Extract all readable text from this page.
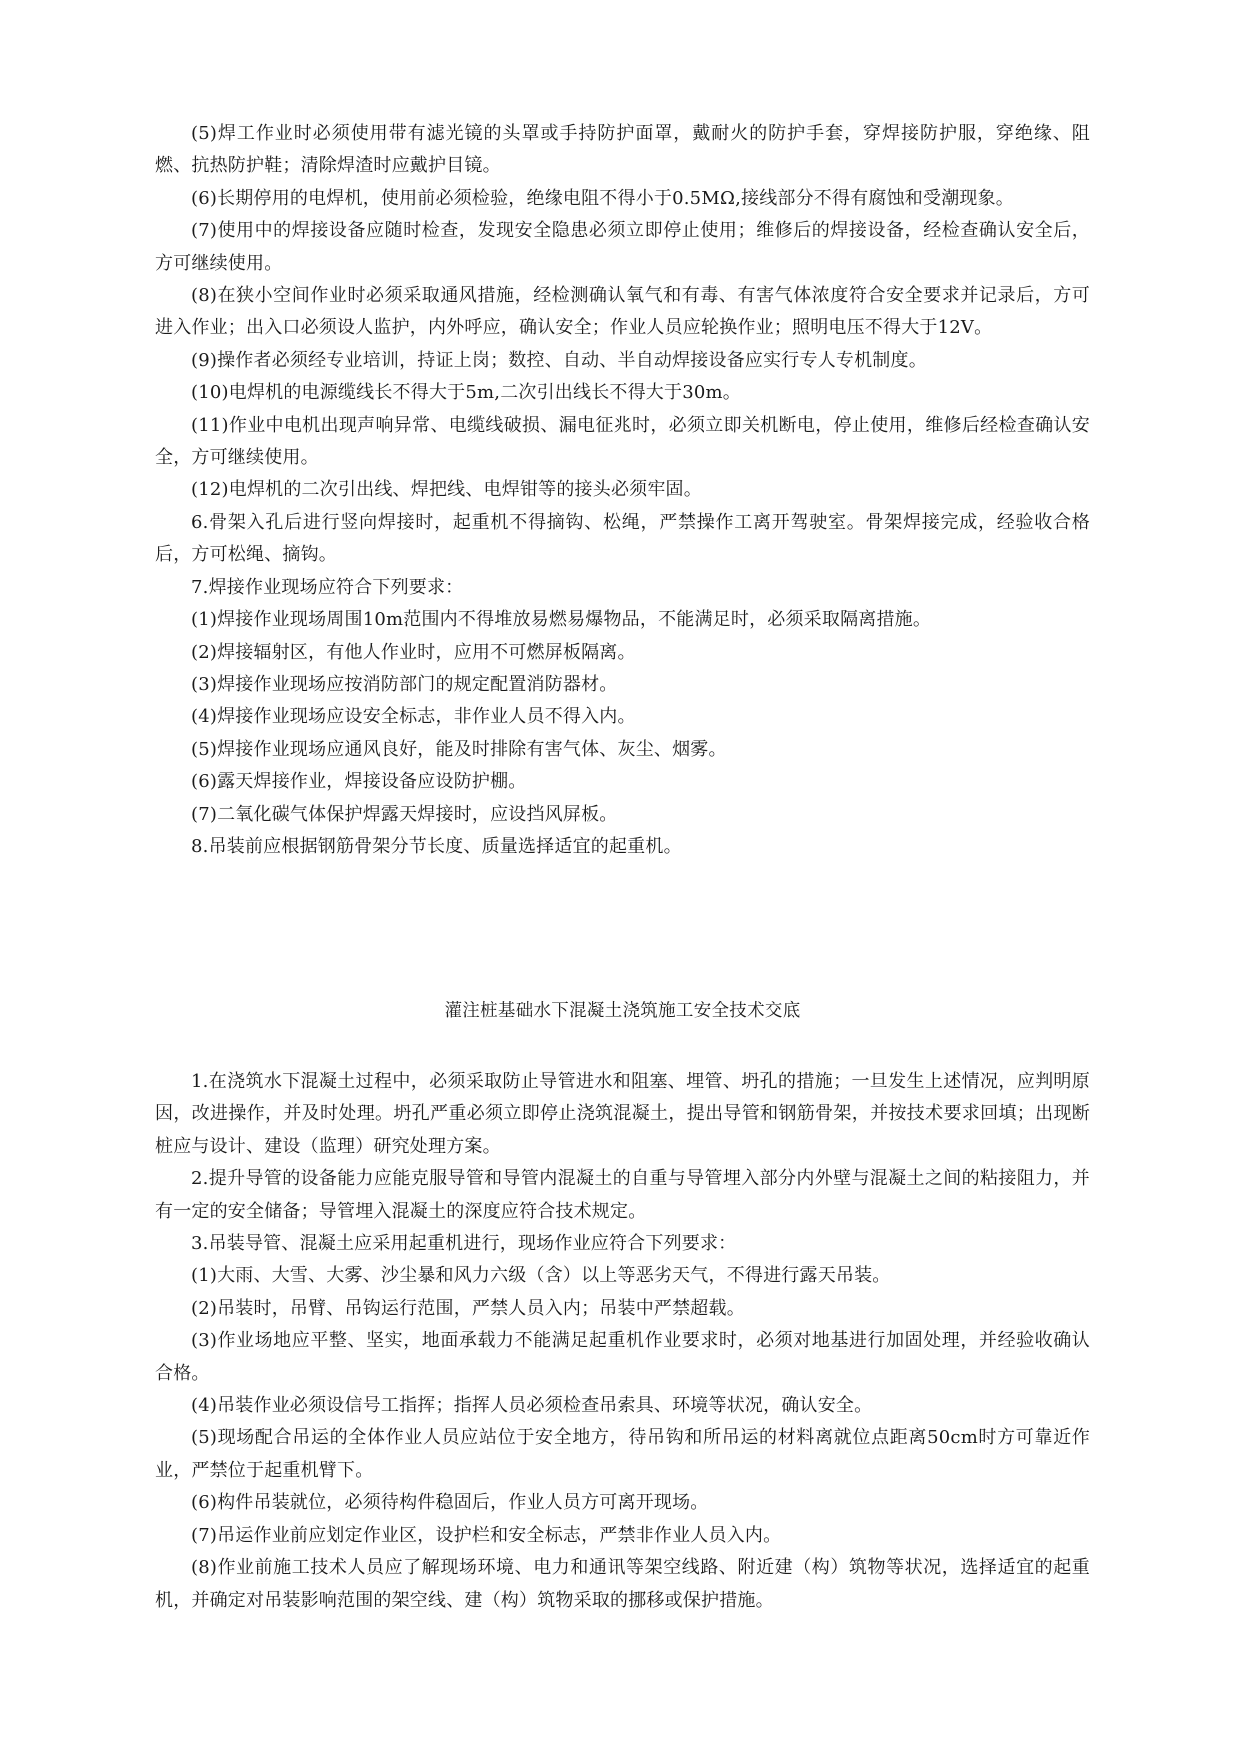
(5)焊工作业时必须使用带有滤光镜的头罩或手持防护面罩，戴耐火的防护手套，穿焊接防护服，穿绝缘、阻燃、抗热防护鞋；清除焊渣时应戴护目镜。

(6)长期停用的电焊机，使用前必须检验，绝缘电阻不得小于0.5MΩ,接线部分不得有腐蚀和受潮现象。

(7)使用中的焊接设备应随时检查，发现安全隐患必须立即停止使用；维修后的焊接设备，经检查确认安全后，方可继续使用。

(8)在狭小空间作业时必须采取通风措施，经检测确认氧气和有毒、有害气体浓度符合安全要求并记录后，方可进入作业；出入口必须设人监护，内外呼应，确认安全；作业人员应轮换作业；照明电压不得大于12V。

(9)操作者必须经专业培训，持证上岗；数控、自动、半自动焊接设备应实行专人专机制度。

(10)电焊机的电源缆线长不得大于5m,二次引出线长不得大于30m。

(11)作业中电机出现声响异常、电缆线破损、漏电征兆时，必须立即关机断电，停止使用，维修后经检查确认安全，方可继续使用。

(12)电焊机的二次引出线、焊把线、电焊钳等的接头必须牢固。

6.骨架入孔后进行竖向焊接时，起重机不得摘钩、松绳，严禁操作工离开驾驶室。骨架焊接完成，经验收合格后，方可松绳、摘钩。

7.焊接作业现场应符合下列要求：

(1)焊接作业现场周围10m范围内不得堆放易燃易爆物品，不能满足时，必须采取隔离措施。

(2)焊接辐射区，有他人作业时，应用不可燃屏板隔离。

(3)焊接作业现场应按消防部门的规定配置消防器材。

(4)焊接作业现场应设安全标志，非作业人员不得入内。

(5)焊接作业现场应通风良好，能及时排除有害气体、灰尘、烟雾。

(6)露天焊接作业，焊接设备应设防护棚。

(7)二氧化碳气体保护焊露天焊接时，应设挡风屏板。

8.吊装前应根据钢筋骨架分节长度、质量选择适宜的起重机。

灌注桩基础水下混凝土浇筑施工安全技术交底

1.在浇筑水下混凝土过程中，必须采取防止导管进水和阻塞、埋管、坍孔的措施；一旦发生上述情况，应判明原因，改进操作，并及时处理。坍孔严重必须立即停止浇筑混凝土，提出导管和钢筋骨架，并按技术要求回填；出现断桩应与设计、建设（监理）研究处理方案。

2.提升导管的设备能力应能克服导管和导管内混凝土的自重与导管埋入部分内外壁与混凝土之间的粘接阻力，并有一定的安全储备；导管埋入混凝土的深度应符合技术规定。

3.吊装导管、混凝土应采用起重机进行，现场作业应符合下列要求：

(1)大雨、大雪、大雾、沙尘暴和风力六级（含）以上等恶劣天气，不得进行露天吊装。

(2)吊装时，吊臂、吊钩运行范围，严禁人员入内；吊装中严禁超载。

(3)作业场地应平整、坚实，地面承载力不能满足起重机作业要求时，必须对地基进行加固处理，并经验收确认合格。

(4)吊装作业必须设信号工指挥；指挥人员必须检查吊索具、环境等状况，确认安全。

(5)现场配合吊运的全体作业人员应站位于安全地方，待吊钩和所吊运的材料离就位点距离50cm时方可靠近作业，严禁位于起重机臂下。

(6)构件吊装就位，必须待构件稳固后，作业人员方可离开现场。

(7)吊运作业前应划定作业区，设护栏和安全标志，严禁非作业人员入内。

(8)作业前施工技术人员应了解现场环境、电力和通讯等架空线路、附近建（构）筑物等状况，选择适宜的起重机，并确定对吊装影响范围的架空线、建（构）筑物采取的挪移或保护措施。
